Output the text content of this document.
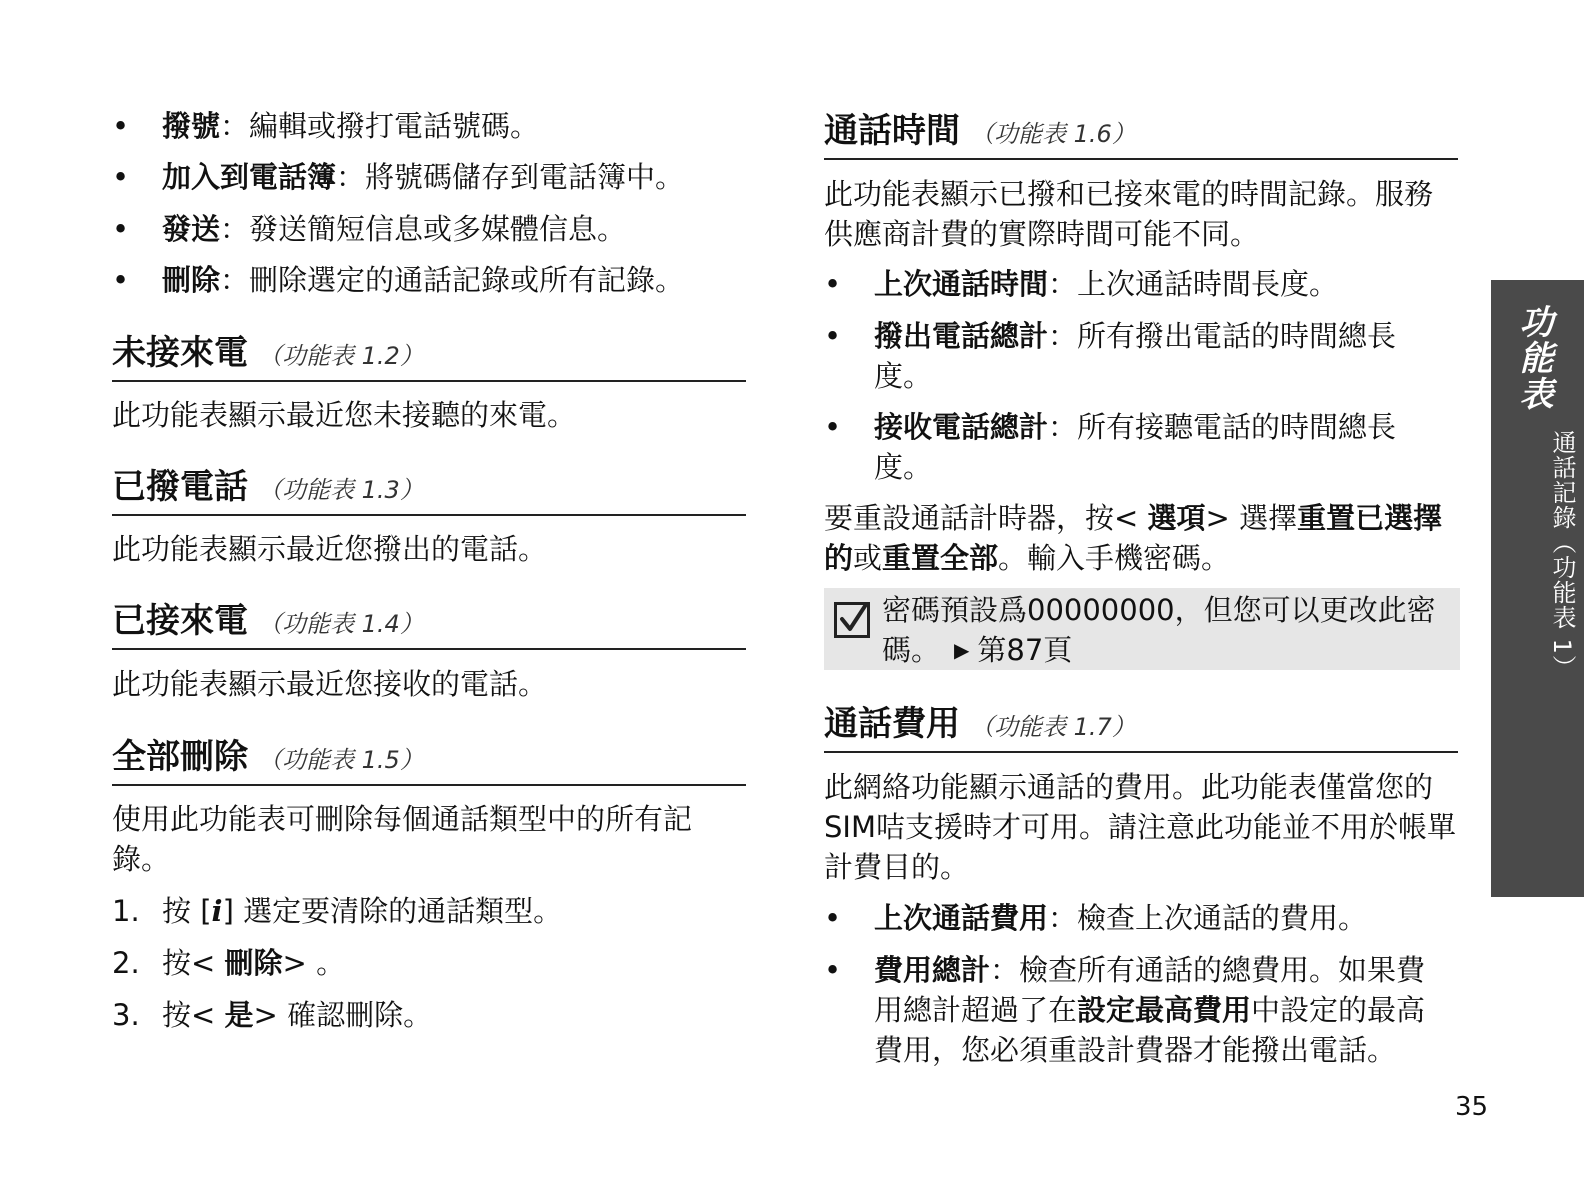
• 撥號：編輯或撥打電話號碼。
• 加入到電話簿：將號碼儲存到電話簿中。
• 發送：發送簡短信息或多媒體信息。
• 刪除：刪除選定的通話記錄或所有記錄。
未接來電 （功能表 1.2）
此功能表顯示最近您未接聽的來電。
已撥電話 （功能表 1.3）
此功能表顯示最近您撥出的電話。
已接來電 （功能表 1.4）
此功能表顯示最近您接收的電話。
全部刪除 （功能表 1.5）
使用此功能表可刪除每個通話類型中的所有記錄。
1. 按 [i] 選定要清除的通話類型。
2. 按< 刪除> 。
3. 按< 是> 確認刪除。
通話時間 （功能表 1.6）
此功能表顯示已撥和已接來電的時間記錄。服務供應商計費的實際時間可能不同。
• 上次通話時間：上次通話時間長度。
• 撥出電話總計：所有撥出電話的時間總長度。
• 接收電話總計：所有接聽電話的時間總長度。
要重設通話計時器，按< 選項> 選擇重置已選擇的或重置全部。輸入手機密碼。
密碼預設爲00000000，但您可以更改此密碼。 ▶ 第87頁
通話費用 （功能表 1.7）
此網絡功能顯示通話的費用。此功能表僅當您的SIM咭支援時才可用。請注意此功能並不用於帳單計費目的。
• 上次通話費用：檢查上次通話的費用。
• 費用總計：檢查所有通話的總費用。如果費用總計超過了在設定最高費用中設定的最高費用，您必須重設計費器才能撥出電話。
功能表
通話記錄（功能表 1）
35
